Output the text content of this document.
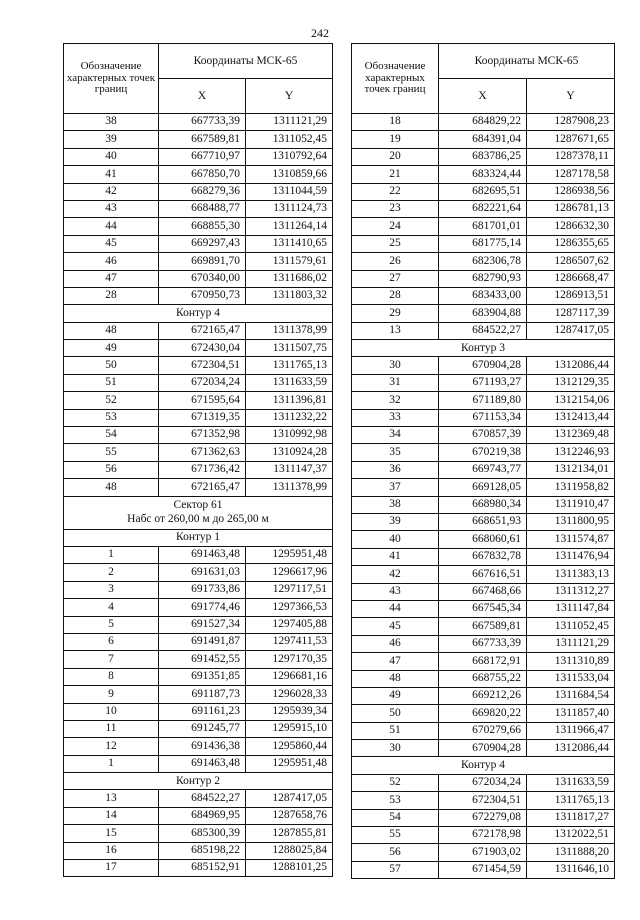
242
Обозначение характерных точек границ	Координаты МСК-65	
	X	Y
38	667733,39	1311121,29
39	667589,81	1311052,45
40	667710,97	1310792,64
41	667850,70	1310859,66
42	668279,36	1311044,59
43	668488,77	1311124,73
44	668855,30	1311264,14
45	669297,43	1311410,65
46	669891,70	1311579,61
47	670340,00	1311686,02
28	670950,73	1311803,32
Контур 4		
48	672165,47	1311378,99
49	672430,04	1311507,75
50	672304,51	1311765,13
51	672034,24	1311633,59
52	671595,64	1311396,81
53	671319,35	1311232,22
54	671352,98	1310992,98
55	671362,63	1310924,28
56	671736,42	1311147,37
48	672165,47	1311378,99

Сектор 61
Набс от 260,00 м до 265,00 м		

Контур 1		
1	691463,48	1295951,48
2	691631,03	1296617,96
3	691733,86	1297117,51
4	691774,46	1297366,53
5	691527,34	1297405,88
6	691491,87	1297411,53
7	691452,55	1297170,35
8	691351,85	1296681,16
9	691187,73	1296028,33
10	691161,23	1295939,34
11	691245,77	1295915,10
12	691436,38	1295860,44
1	691463,48	1295951,48
Контур 2		
13	684522,27	1287417,05
14	684969,95	1287658,76
15	685300,39	1287855,81
16	685198,22	1288025,84
17	685152,91	1288101,25
Обозначение характерных точек границ	Координаты МСК-65	
	X	Y
18	684829,22	1287908,23
19	684391,04	1287671,65
20	683786,25	1287378,11
21	683324,44	1287178,58
22	682695,51	1286938,56
23	682221,64	1286781,13
24	681701,01	1286632,30
25	681775,14	1286355,65
26	682306,78	1286507,62
27	682790,93	1286668,47
28	683433,00	1286913,51
29	683904,88	1287117,39
13	684522,27	1287417,05
Контур 3		
30	670904,28	1312086,44
31	671193,27	1312129,35
32	671189,80	1312154,06
33	671153,34	1312413,44
34	670857,39	1312369,48
35	670219,38	1312246,93
36	669743,77	1312134,01
37	669128,05	1311958,82
38	668980,34	1311910,47
39	668651,93	1311800,95
40	668060,61	1311574,87
41	667832,78	1311476,94
42	667616,51	1311383,13
43	667468,66	1311312,27
44	667545,34	1311147,84
45	667589,81	1311052,45
46	667733,39	1311121,29
47	668172,91	1311310,89
48	668755,22	1311533,04
49	669212,26	1311684,54
50	669820,22	1311857,40
51	670279,66	1311966,47
30	670904,28	1312086,44
Контур 4		
52	672034,24	1311633,59
53	672304,51	1311765,13
54	672279,08	1311817,27
55	672178,98	1312022,51
56	671903,02	1311888,20
57	671454,59	1311646,10
